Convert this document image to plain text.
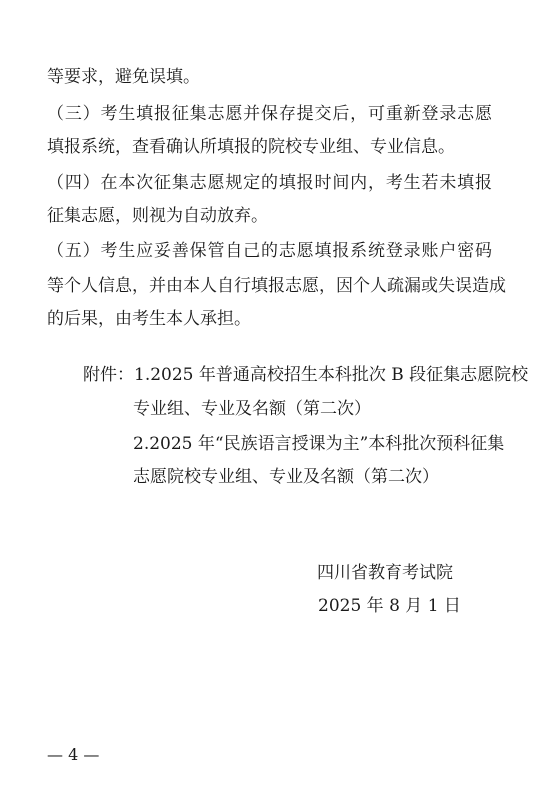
等要求，避免误填。
（三）考生填报征集志愿并保存提交后，可重新登录志愿
填报系统，查看确认所填报的院校专业组、专业信息。
（四）在本次征集志愿规定的填报时间内，考生若未填报
征集志愿，则视为自动放弃。
（五）考生应妥善保管自己的志愿填报系统登录账户密码
等个人信息，并由本人自行填报志愿，因个人疏漏或失误造成
的后果，由考生本人承担。
附件：1.2025 年普通高校招生本科批次 B 段征集志愿院校
专业组、专业及名额（第二次）
2.2025 年“民族语言授课为主”本科批次预科征集
志愿院校专业组、专业及名额（第二次）
四川省教育考试院
2025 年 8 月 1 日
— 4 —
